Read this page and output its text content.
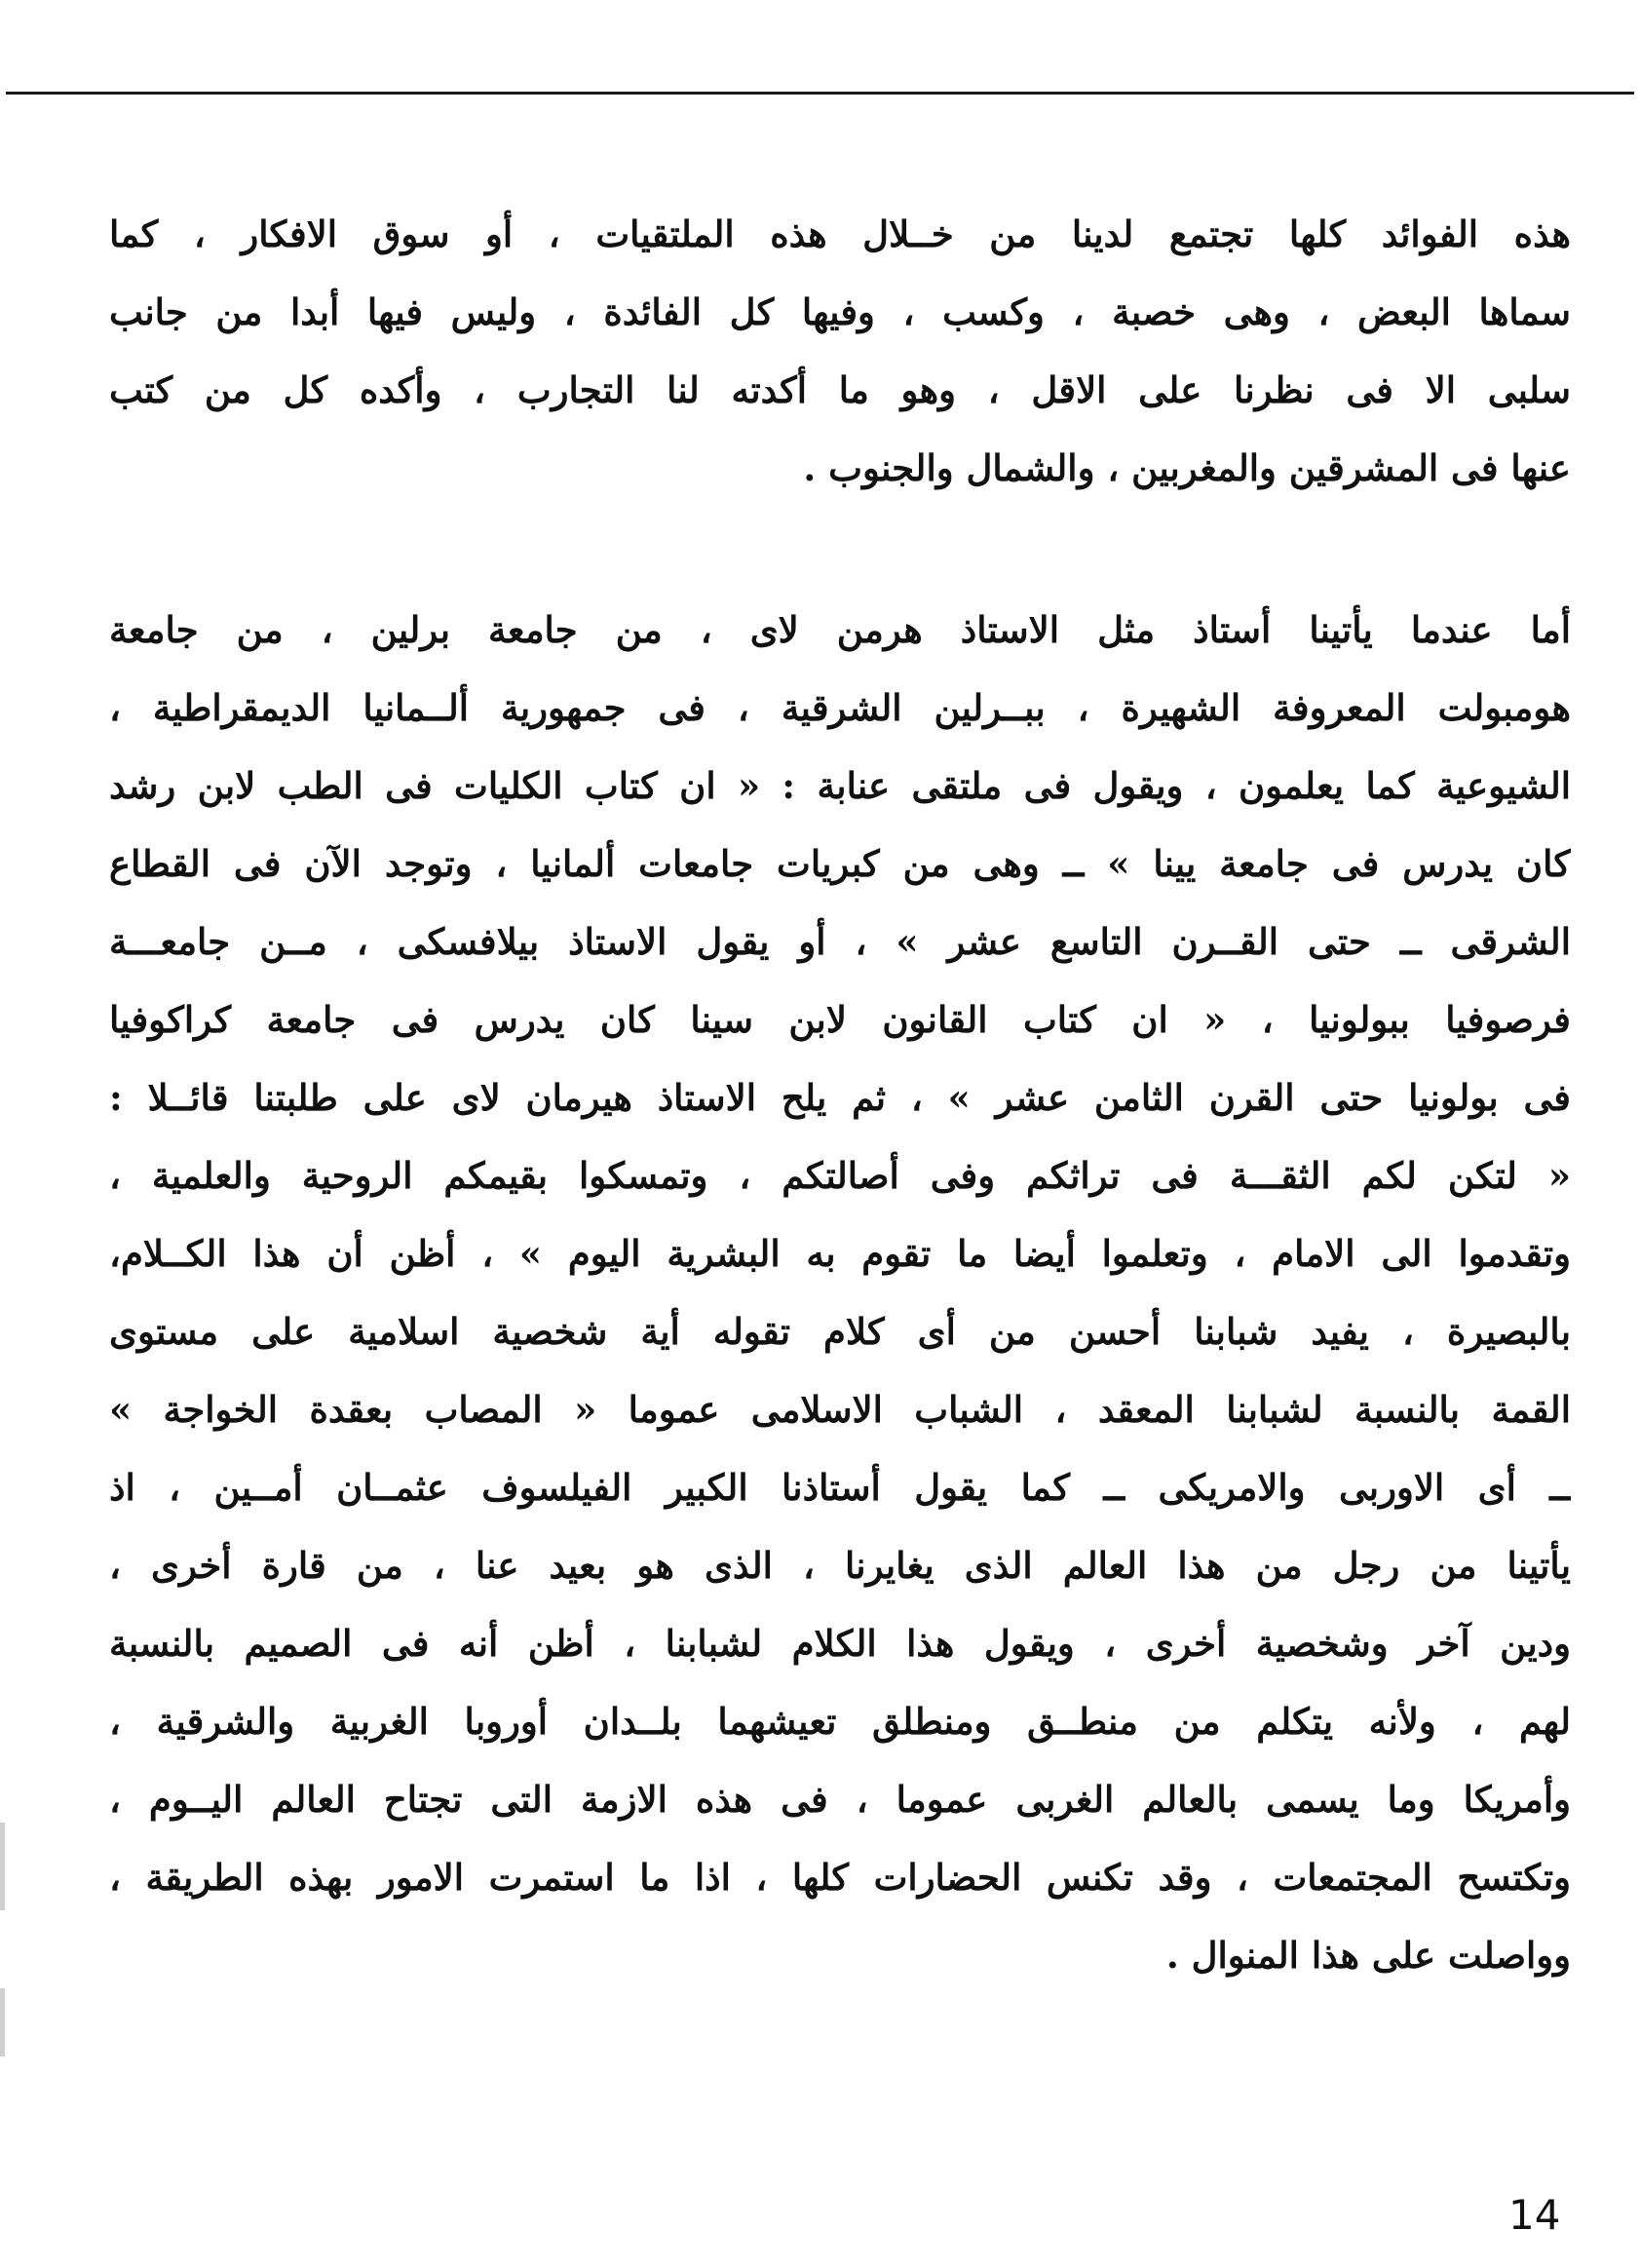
هذه الفوائد كلها تجتمع لدينا من خــلال هذه الملتقيات ، أو سوق الافكار ، كما
سماها البعض ، وهى خصبة ، وكسب ، وفيها كل الفائدة ، وليس فيها أبدا من جانب
سلبى الا فى نظرنا على الاقل ، وهو ما أكدته لنا التجارب ، وأكده كل من كتب
عنها فى المشرقين والمغربين ، والشمال والجنوب .
أما عندما يأتينا أستاذ مثل الاستاذ هرمن لاى ، من جامعة برلين ، من جامعة
هومبولت المعروفة الشهيرة ، ببــرلين الشرقية ، فى جمهورية ألــمانيا الديمقراطية ،
الشيوعية كما يعلمون ، ويقول فى ملتقى عنابة : « ان كتاب الكليات فى الطب لابن رشد
كان يدرس فى جامعة يينا » ــ وهى من كبريات جامعات ألمانيا ، وتوجد الآن فى القطاع
الشرقى ــ حتى القــرن التاسع عشر » ، أو يقول الاستاذ بيلافسكى ، مــن جامعـــة
فرصوفيا ببولونيا ، « ان كتاب القانون لابن سينا كان يدرس فى جامعة كراكوفيا
فى بولونيا حتى القرن الثامن عشر » ، ثم يلح الاستاذ هيرمان لاى على طلبتنا قائــلا :
« لتكن لكم الثقـــة فى تراثكم وفى أصالتكم ، وتمسكوا بقيمكم الروحية والعلمية ،
وتقدموا الى الامام ، وتعلموا أيضا ما تقوم به البشرية اليوم » ، أظن أن هذا الكــلام،
بالبصيرة ، يفيد شبابنا أحسن من أى كلام تقوله أية شخصية اسلامية على مستوى
القمة بالنسبة لشبابنا المعقد ، الشباب الاسلامى عموما « المصاب بعقدة الخواجة »
ــ أى الاوربى والامريكى ــ كما يقول أستاذنا الكبير الفيلسوف عثمــان أمــين ، اذ
يأتينا من رجل من هذا العالم الذى يغايرنا ، الذى هو بعيد عنا ، من قارة أخرى ،
ودين آخر وشخصية أخرى ، ويقول هذا الكلام لشبابنا ، أظن أنه فى الصميم بالنسبة
لهم ، ولأنه يتكلم من منطــق ومنطلق تعيشهما بلــدان أوروبا الغربية والشرقية ،
وأمريكا وما يسمى بالعالم الغربى عموما ، فى هذه الازمة التى تجتاح العالم اليــوم ،
وتكتسح المجتمعات ، وقد تكنس الحضارات كلها ، اذا ما استمرت الامور بهذه الطريقة ،
وواصلت على هذا المنوال .
14
